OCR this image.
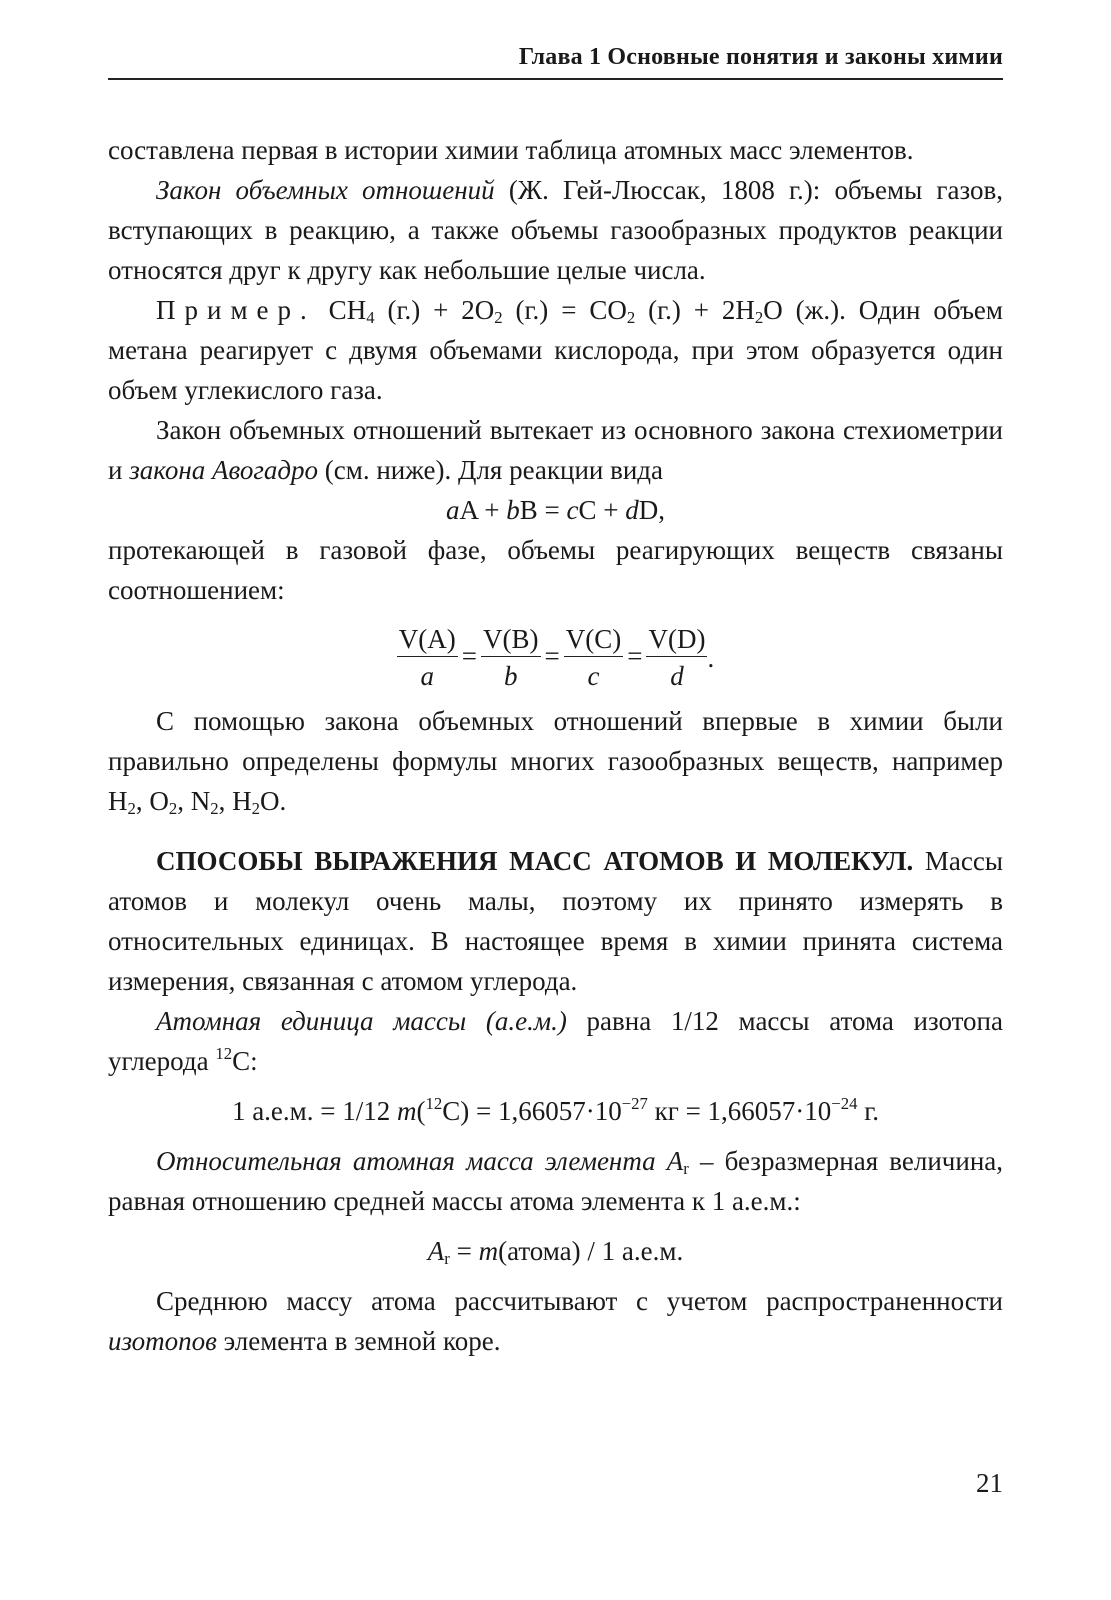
Глава 1 Основные понятия и законы химии

составлена первая в истории химии таблица атомных масс элементов.

Закон объемных отношений (Ж. Гей-Люссак, 1808 г.): объемы газов, вступающих в реакцию, а также объемы газообразных продуктов реакции относятся друг к другу как небольшие целые числа.

Пример. $CH_4$ $(г.) + 2O_2$ $(г.) = CO_2$ $(г.) + 2H_2O$ (ж.). Один объем метана реагирует с двумя объемами кислорода, при этом образуется один объем углекислого газа.

Закон объемных отношений вытекает из основного закона стехиометрии и закона Авогадро (см. ниже). Для реакции вида

aA + bB = cC + dD,

протекающей в газовой фазе, объемы реагирующих веществ связаны соотношением:

$\frac{V(A)}{a} = \frac{V(B)}{b} = \frac{V(C)}{c} = \frac{V(D)}{d}$ .

С помощью закона объемных отношений впервые в химии были правильно определены формулы многих газообразных веществ, например $H_2$, $O_2$, $N_2$, $H_2O$.

СПОСОБЫ ВЫРАЖЕНИЯ МАСС АТОМОВ И МОЛЕКУЛ. Массы атомов и молекул очень малы, поэтому их принято измерять в относительных единицах. В настоящее время в химии принята система измерения, связанная с атомом углерода.

Атомная единица массы (а.е.м.) равна 1/12 массы атома изотопа углерода $^{12}$C:

1 а.е.м. = 1/12 $m(^{12}C) = 1,66057\cdot 10^{-27}$ кг = $1,66057\cdot 10^{-24}$ г.

Относительная атомная масса элемента $A_r$ – безразмерная величина, равная отношению средней массы атома элемента к 1 а.е.м.:

$A_r$ = m(атома) / 1 а.е.м.

Среднюю массу атома рассчитывают с учетом распространенности изотопов элемента в земной коре.

21
